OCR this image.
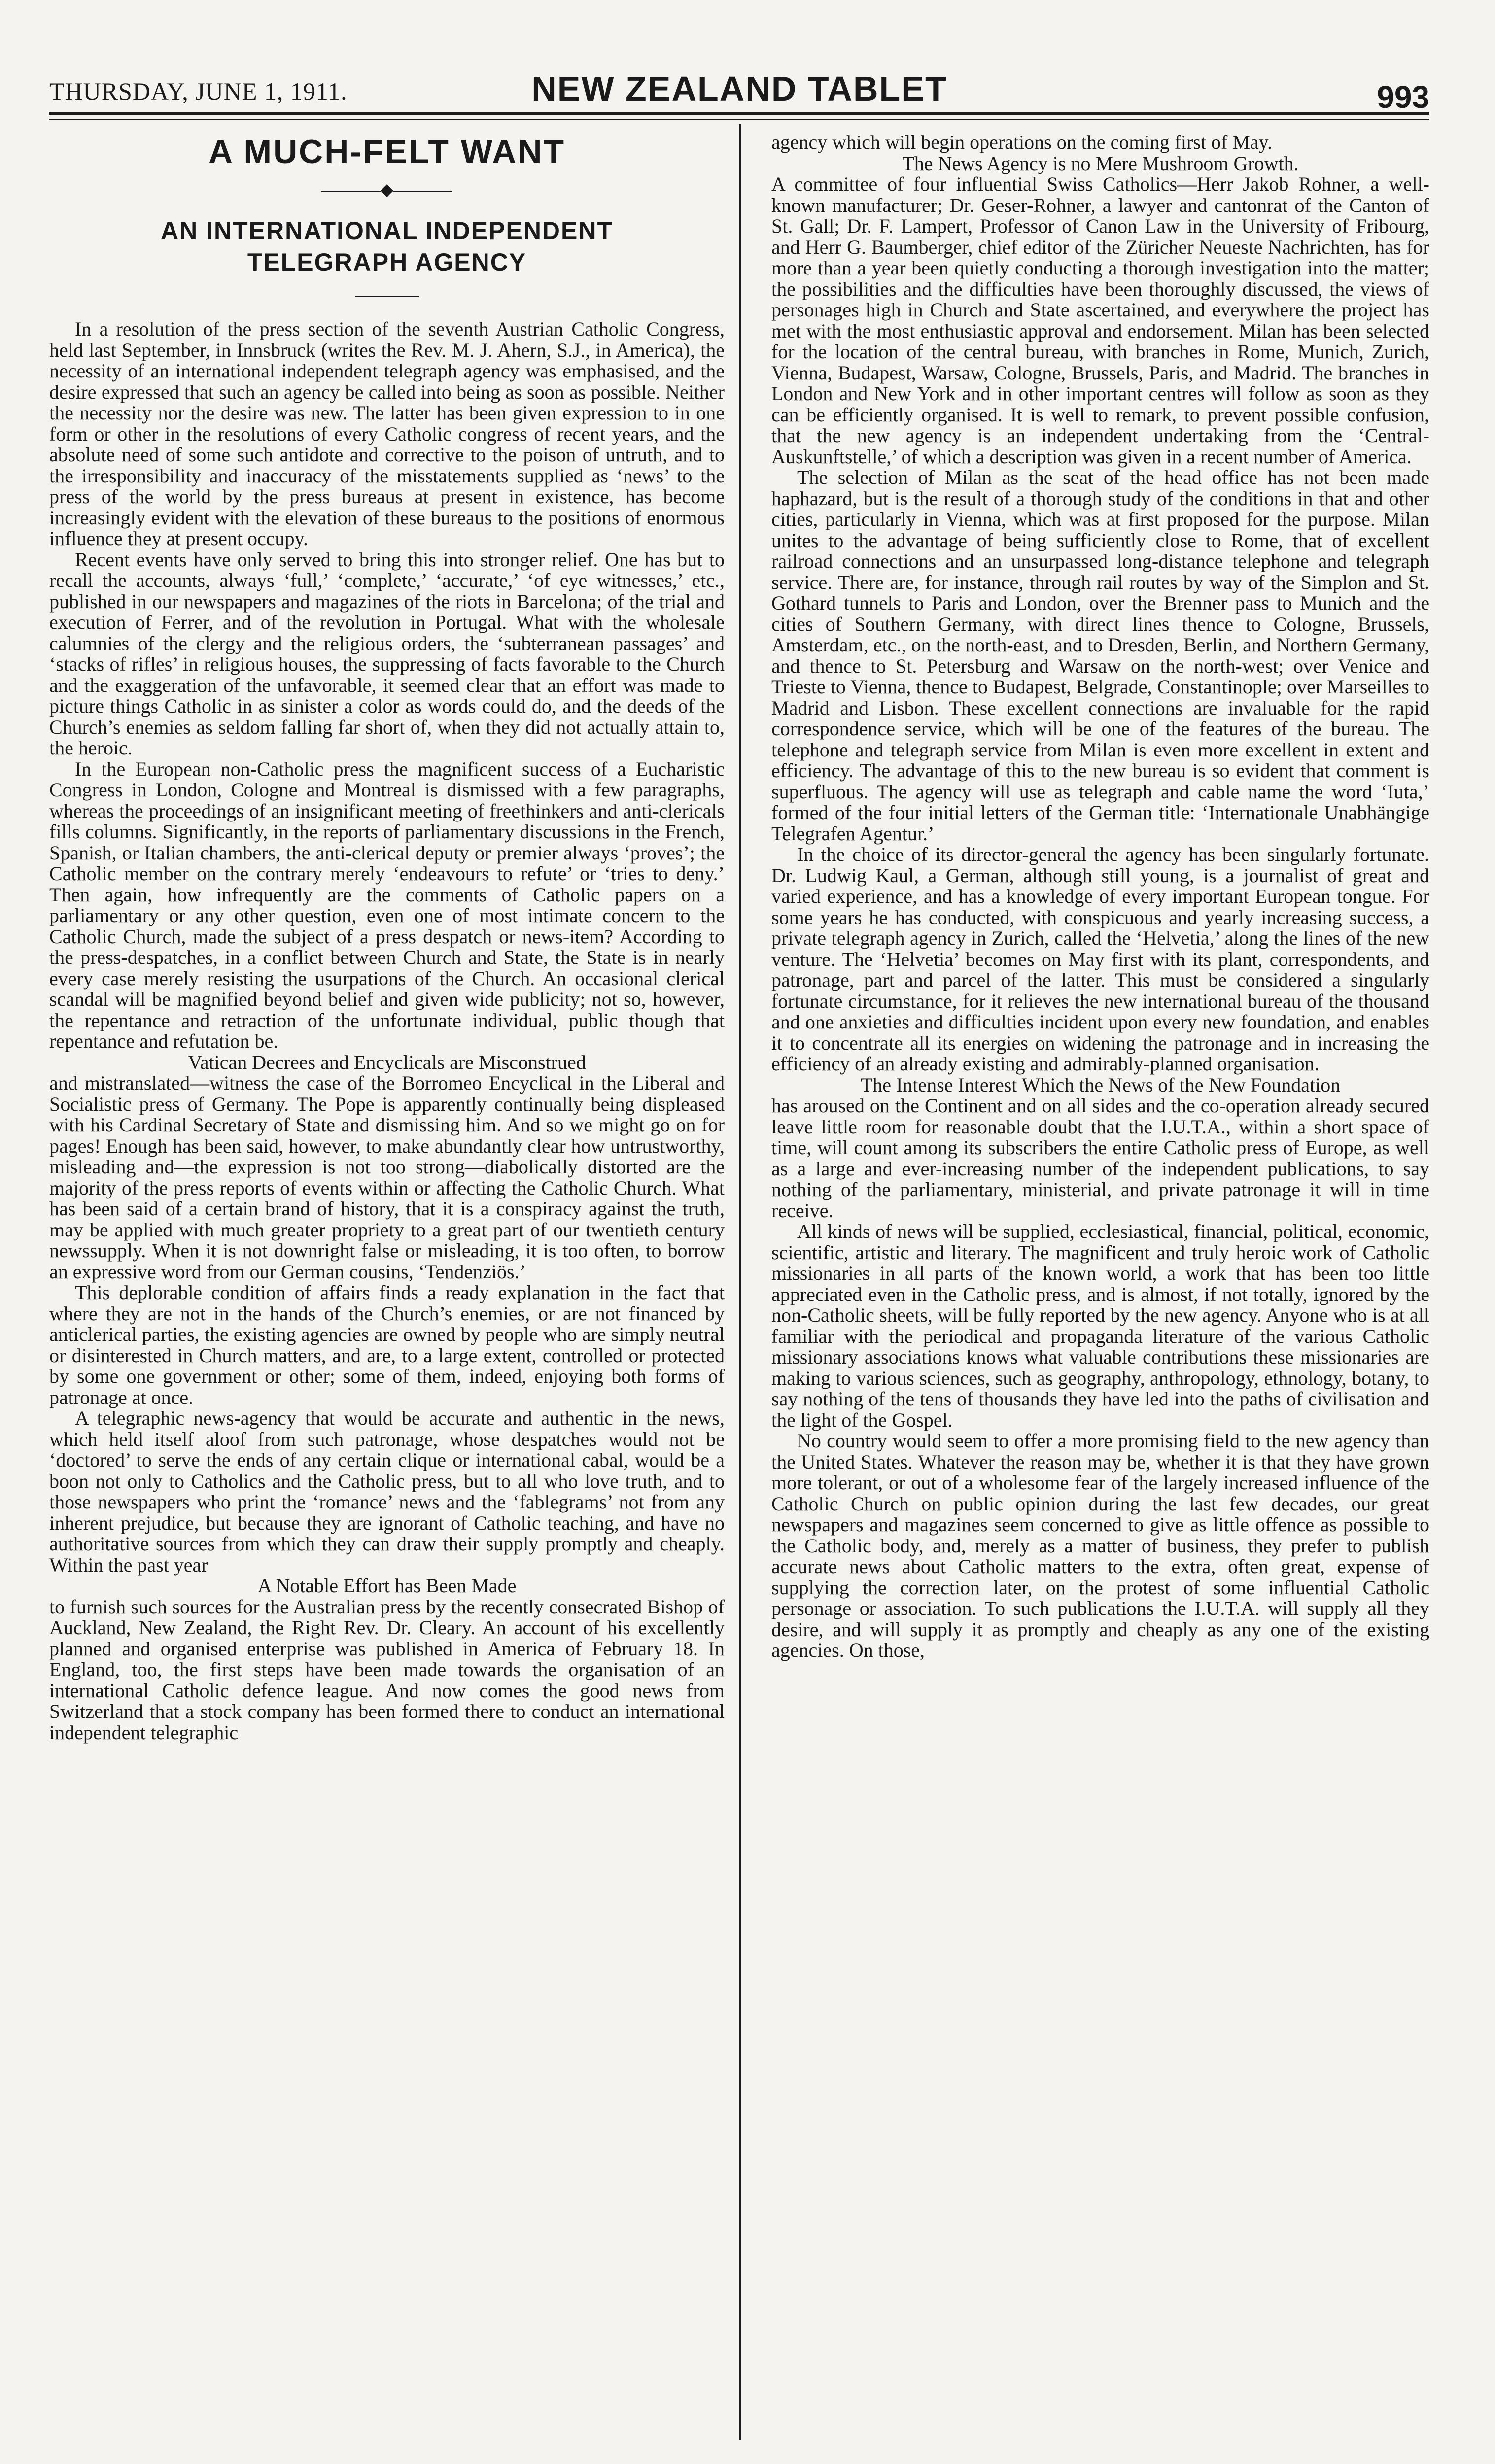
THURSDAY, JUNE 1, 1911.	NEW ZEALAND TABLET	993
A MUCH-FELT WANT
◆
AN INTERNATIONAL INDEPENDENT
TELEGRAPH AGENCY

In a resolution of the press section of the seventh Austrian Catholic Congress, held last September, in Innsbruck (writes the Rev. M. J. Ahern, S.J., in America), the necessity of an international independent telegraph agency was emphasised, and the desire expressed that such an agency be called into being as soon as possible. Neither the necessity nor the desire was new. The latter has been given expression to in one form or other in the resolutions of every Catholic congress of recent years, and the absolute need of some such antidote and corrective to the poison of untruth, and to the irresponsibility and inaccuracy of the misstatements supplied as ‘news’ to the press of the world by the press bureaus at present in existence, has become increasingly evident with the elevation of these bureaus to the positions of enormous influence they at present occupy.

Recent events have only served to bring this into stronger relief. One has but to recall the accounts, always ‘full,’ ‘complete,’ ‘accurate,’ ‘of eye witnesses,’ etc., published in our newspapers and magazines of the riots in Barcelona; of the trial and execution of Ferrer, and of the revolution in Portugal. What with the wholesale calumnies of the clergy and the religious orders, the ‘subterranean passages’ and ‘stacks of rifles’ in religious houses, the suppressing of facts favorable to the Church and the exaggeration of the unfavorable, it seemed clear that an effort was made to picture things Catholic in as sinister a color as words could do, and the deeds of the Church’s enemies as seldom falling far short of, when they did not actually attain to, the heroic.

In the European non-Catholic press the magnificent success of a Eucharistic Congress in London, Cologne and Montreal is dismissed with a few paragraphs, whereas the proceedings of an insignificant meeting of freethinkers and anti-clericals fills columns. Significantly, in the reports of parliamentary discussions in the French, Spanish, or Italian chambers, the anti-clerical deputy or premier always ‘proves’; the Catholic member on the contrary merely ‘endeavours to refute’ or ‘tries to deny.’ Then again, how infrequently are the comments of Catholic papers on a parliamentary or any other question, even one of most intimate concern to the Catholic Church, made the subject of a press despatch or news-item? According to the press-despatches, in a conflict between Church and State, the State is in nearly every case merely resisting the usurpations of the Church. An occasional clerical scandal will be magnified beyond belief and given wide publicity; not so, however, the repentance and retraction of the unfortunate individual, public though that repentance and refutation be.

Vatican Decrees and Encyclicals are Misconstrued

and mistranslated—witness the case of the Borromeo Encyclical in the Liberal and Socialistic press of Germany. The Pope is apparently continually being displeased with his Cardinal Secretary of State and dismissing him. And so we might go on for pages! Enough has been said, however, to make abundantly clear how untrustworthy, misleading and—the expression is not too strong—diabolically distorted are the majority of the press reports of events within or affecting the Catholic Church. What has been said of a certain brand of history, that it is a conspiracy against the truth, may be applied with much greater propriety to a great part of our twentieth century newssupply. When it is not downright false or misleading, it is too often, to borrow an expressive word from our German cousins, ‘Tendenziös.’

This deplorable condition of affairs finds a ready explanation in the fact that where they are not in the hands of the Church’s enemies, or are not financed by anticlerical parties, the existing agencies are owned by people who are simply neutral or disinterested in Church matters, and are, to a large extent, controlled or protected by some one government or other; some of them, indeed, enjoying both forms of patronage at once.

A telegraphic news-agency that would be accurate and authentic in the news, which held itself aloof from such patronage, whose despatches would not be ‘doctored’ to serve the ends of any certain clique or international cabal, would be a boon not only to Catholics and the Catholic press, but to all who love truth, and to those newspapers who print the ‘romance’ news and the ‘fablegrams’ not from any inherent prejudice, but because they are ignorant of Catholic teaching, and have no authoritative sources from which they can draw their supply promptly and cheaply. Within the past year

A Notable Effort has Been Made

to furnish such sources for the Australian press by the recently consecrated Bishop of Auckland, New Zealand, the Right Rev. Dr. Cleary. An account of his excellently planned and organised enterprise was published in America of February 18. In England, too, the first steps have been made towards the organisation of an international Catholic defence league. And now comes the good news from Switzerland that a stock company has been formed there to conduct an international independent telegraphic

agency which will begin operations on the coming first of May.

The News Agency is no Mere Mushroom Growth.

A committee of four influential Swiss Catholics—Herr Jakob Rohner, a well-known manufacturer; Dr. Geser-Rohner, a lawyer and cantonrat of the Canton of St. Gall; Dr. F. Lampert, Professor of Canon Law in the University of Fribourg, and Herr G. Baumberger, chief editor of the Züricher Neueste Nachrichten, has for more than a year been quietly conducting a thorough investigation into the matter; the possibilities and the difficulties have been thoroughly discussed, the views of personages high in Church and State ascertained, and everywhere the project has met with the most enthusiastic approval and endorsement. Milan has been selected for the location of the central bureau, with branches in Rome, Munich, Zurich, Vienna, Budapest, Warsaw, Cologne, Brussels, Paris, and Madrid. The branches in London and New York and in other important centres will follow as soon as they can be efficiently organised. It is well to remark, to prevent possible confusion, that the new agency is an independent undertaking from the ‘Central-Auskunftstelle,’ of which a description was given in a recent number of America.

The selection of Milan as the seat of the head office has not been made haphazard, but is the result of a thorough study of the conditions in that and other cities, particularly in Vienna, which was at first proposed for the purpose. Milan unites to the advantage of being sufficiently close to Rome, that of excellent railroad connections and an unsurpassed long-distance telephone and telegraph service. There are, for instance, through rail routes by way of the Simplon and St. Gothard tunnels to Paris and London, over the Brenner pass to Munich and the cities of Southern Germany, with direct lines thence to Cologne, Brussels, Amsterdam, etc., on the north-east, and to Dresden, Berlin, and Northern Germany, and thence to St. Petersburg and Warsaw on the north-west; over Venice and Trieste to Vienna, thence to Budapest, Belgrade, Constantinople; over Marseilles to Madrid and Lisbon. These excellent connections are invaluable for the rapid correspondence service, which will be one of the features of the bureau. The telephone and telegraph service from Milan is even more excellent in extent and efficiency. The advantage of this to the new bureau is so evident that comment is superfluous. The agency will use as telegraph and cable name the word ‘Iuta,’ formed of the four initial letters of the German title: ‘Internationale Unabhängige Telegrafen Agentur.’

In the choice of its director-general the agency has been singularly fortunate. Dr. Ludwig Kaul, a German, although still young, is a journalist of great and varied experience, and has a knowledge of every important European tongue. For some years he has conducted, with conspicuous and yearly increasing success, a private telegraph agency in Zurich, called the ‘Helvetia,’ along the lines of the new venture. The ‘Helvetia’ becomes on May first with its plant, correspondents, and patronage, part and parcel of the latter. This must be considered a singularly fortunate circumstance, for it relieves the new international bureau of the thousand and one anxieties and difficulties incident upon every new foundation, and enables it to concentrate all its energies on widening the patronage and in increasing the efficiency of an already existing and admirably-planned organisation.

The Intense Interest Which the News of the New Foundation

has aroused on the Continent and on all sides and the co-operation already secured leave little room for reasonable doubt that the I.U.T.A., within a short space of time, will count among its subscribers the entire Catholic press of Europe, as well as a large and ever-increasing number of the independent publications, to say nothing of the parliamentary, ministerial, and private patronage it will in time receive.

All kinds of news will be supplied, ecclesiastical, financial, political, economic, scientific, artistic and literary. The magnificent and truly heroic work of Catholic missionaries in all parts of the known world, a work that has been too little appreciated even in the Catholic press, and is almost, if not totally, ignored by the non-Catholic sheets, will be fully reported by the new agency. Anyone who is at all familiar with the periodical and propaganda literature of the various Catholic missionary associations knows what valuable contributions these missionaries are making to various sciences, such as geography, anthropology, ethnology, botany, to say nothing of the tens of thousands they have led into the paths of civilisation and the light of the Gospel.

No country would seem to offer a more promising field to the new agency than the United States. Whatever the reason may be, whether it is that they have grown more tolerant, or out of a wholesome fear of the largely increased influence of the Catholic Church on public opinion during the last few decades, our great newspapers and magazines seem concerned to give as little offence as possible to the Catholic body, and, merely as a matter of business, they prefer to publish accurate news about Catholic matters to the extra, often great, expense of supplying the correction later, on the protest of some influential Catholic personage or association. To such publications the I.U.T.A. will supply all they desire, and will supply it as promptly and cheaply as any one of the existing agencies. On those,
